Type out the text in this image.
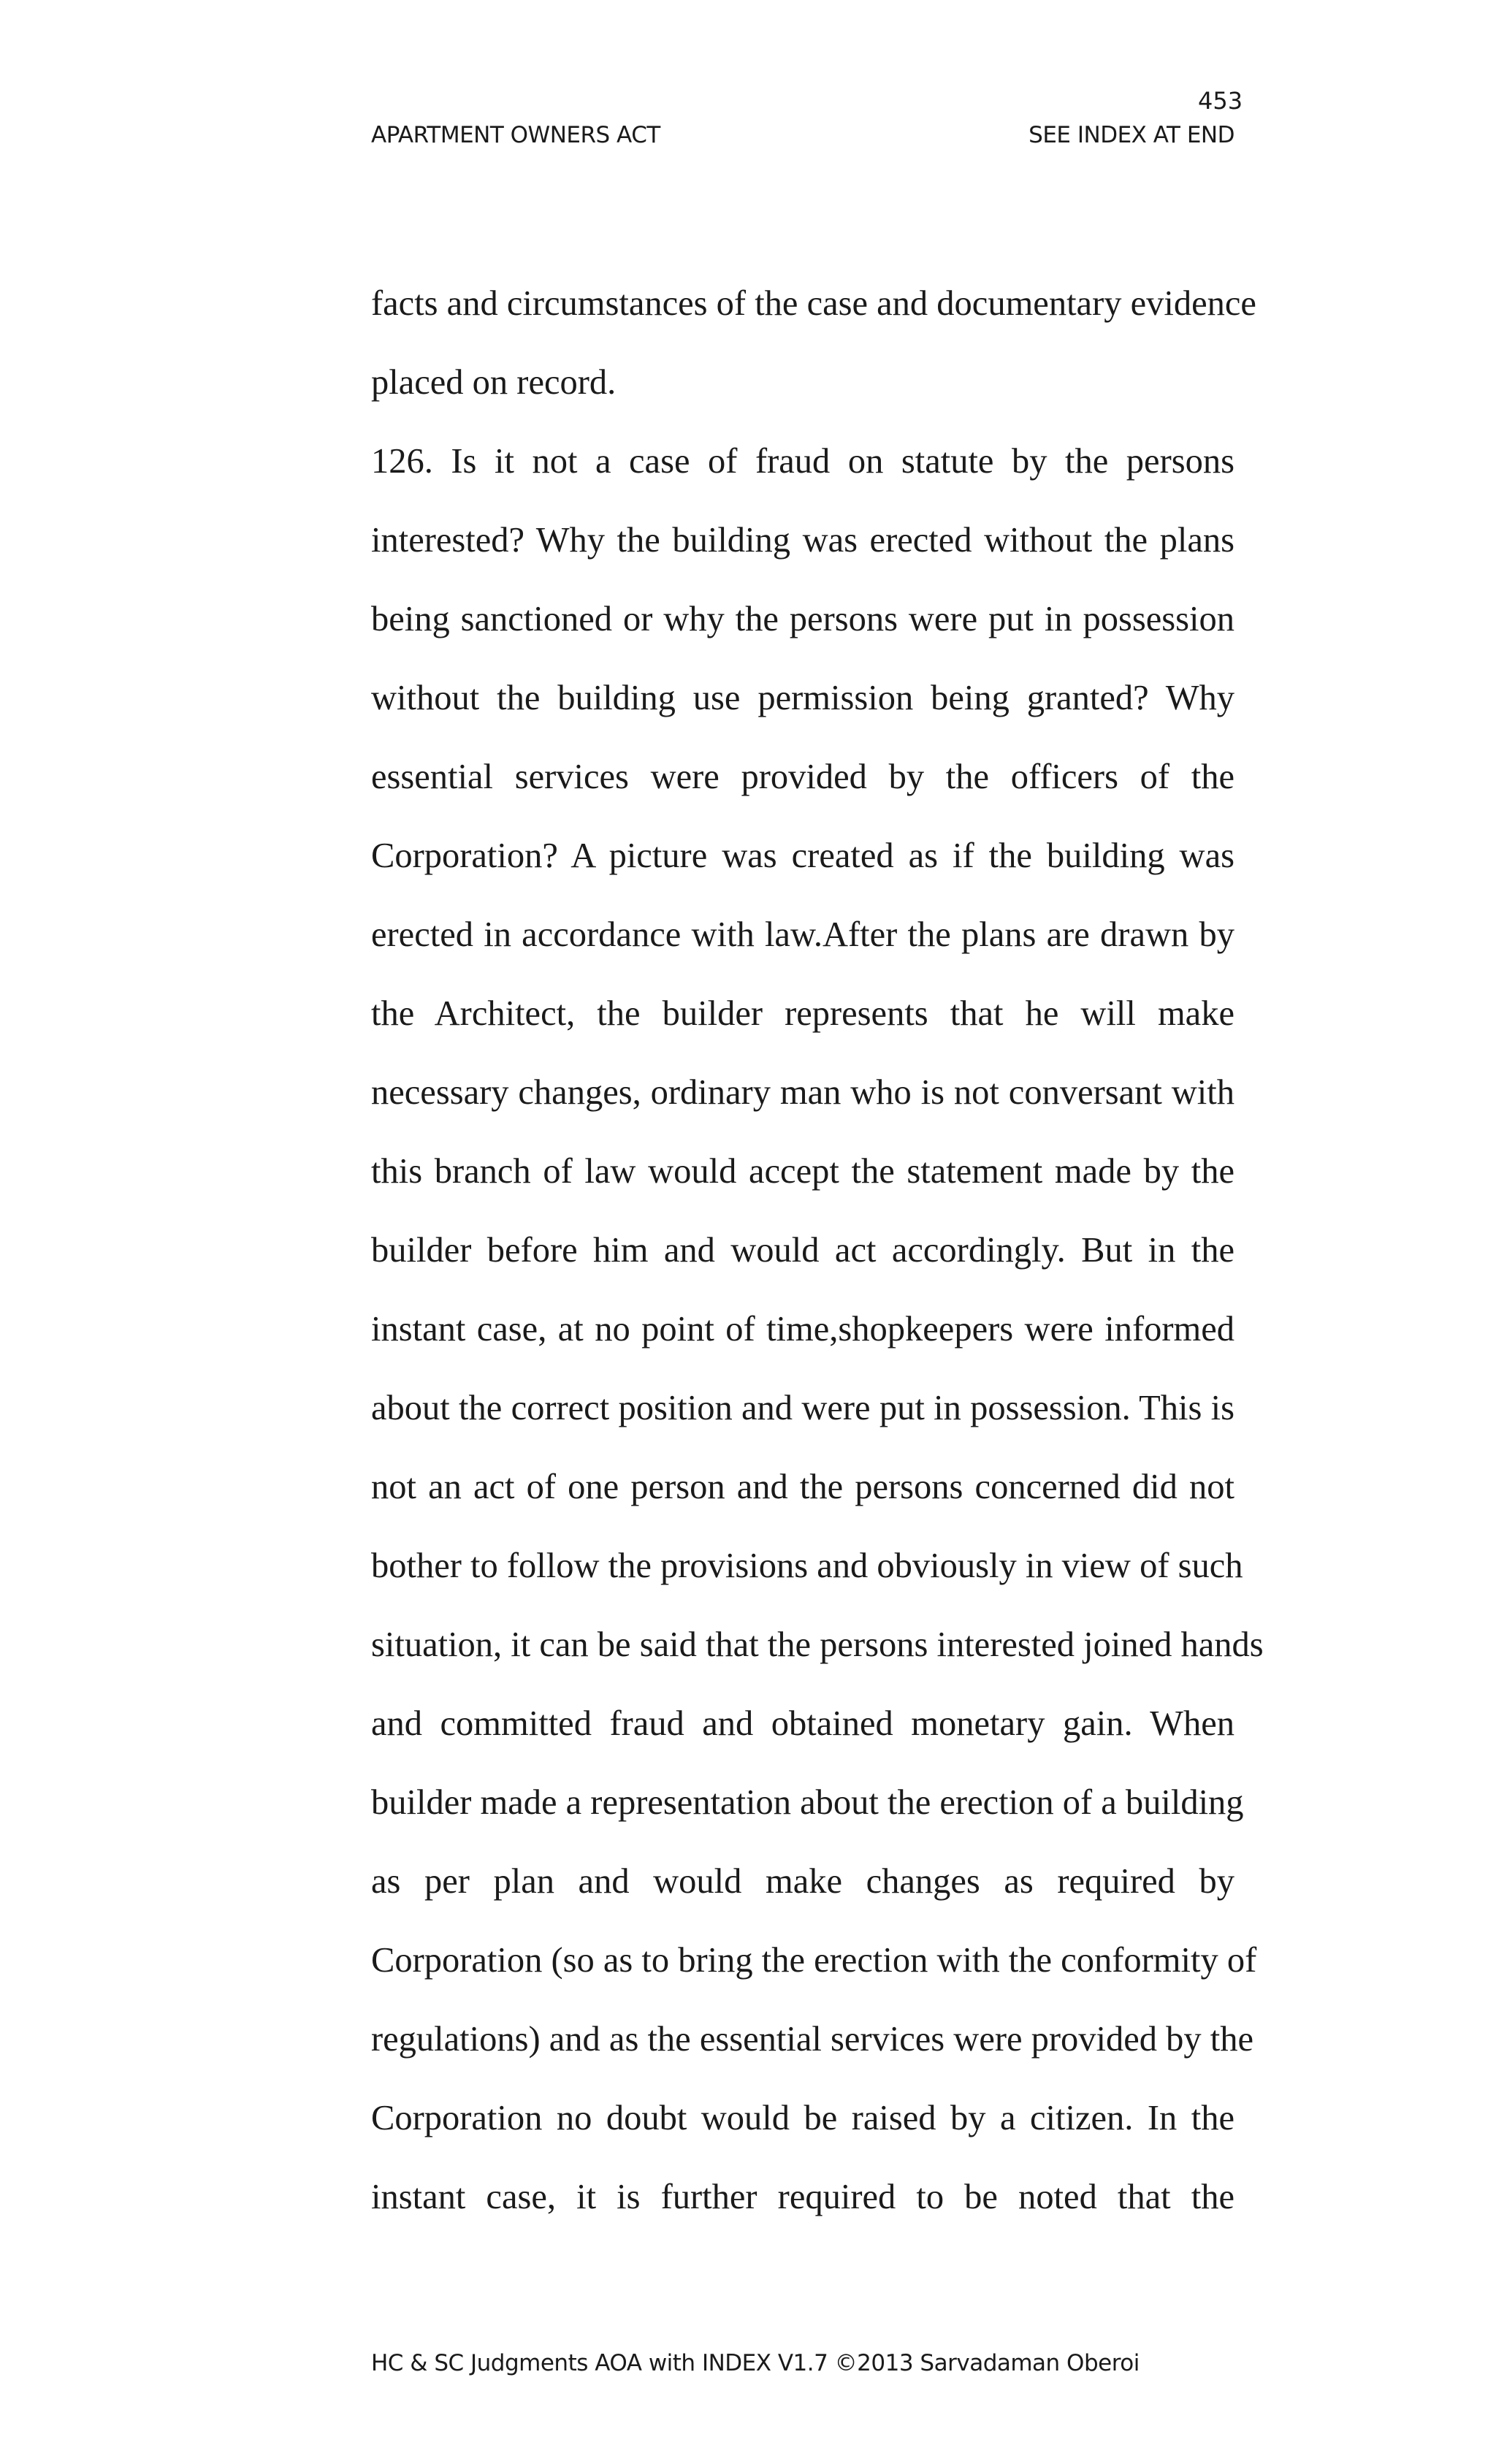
453
APARTMENT OWNERS ACT	SEE INDEX AT END
facts and circumstances of the case and documentary evidence
placed on record.
126. Is it not a case of fraud on statute by the persons
interested? Why the building was erected without the plans
being sanctioned or why the persons were put in possession
without the building use permission being granted? Why
essential services were provided by the officers of the
Corporation? A picture was created as if the building was
erected in accordance with law.After the plans are drawn by
the Architect, the builder represents that he will make
necessary changes, ordinary man who is not conversant with
this branch of law would accept the statement made by the
builder before him and would act accordingly. But in the
instant case, at no point of time,shopkeepers were informed
about the correct position and were put in possession. This is
not an act of one person and the persons concerned did not
bother to follow the provisions and obviously in view of such
situation, it can be said that the persons interested joined hands
and committed fraud and obtained monetary gain. When
builder made a representation about the erection of a building
as per plan and would make changes as required by
Corporation (so as to bring the erection with the conformity of
regulations) and as the essential services were provided by the
Corporation no doubt would be raised by a citizen. In the
instant case, it is further required to be noted that the
HC & SC Judgments AOA with INDEX V1.7 ©2013 Sarvadaman Oberoi
